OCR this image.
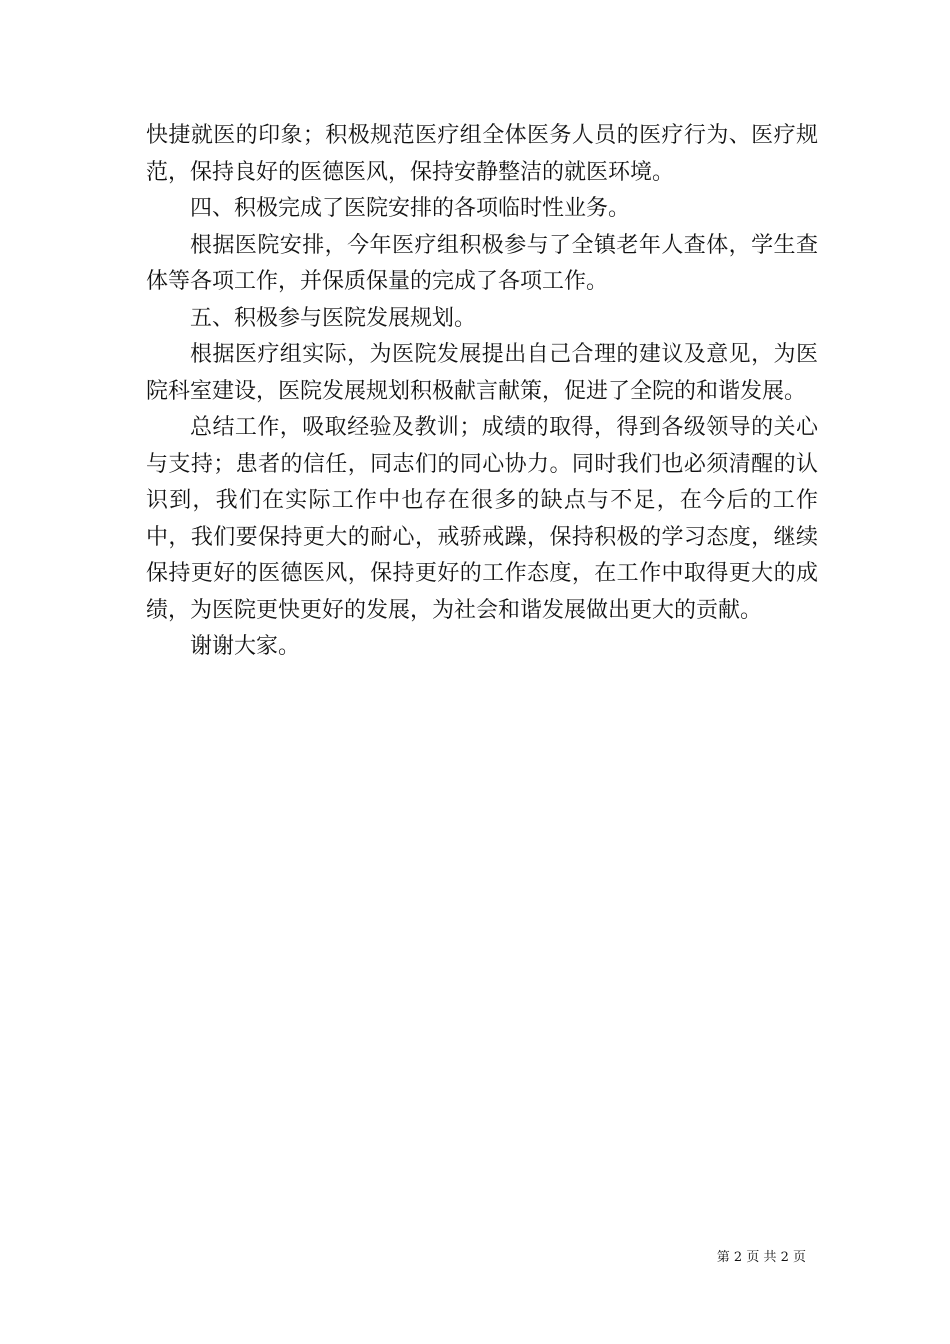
快捷就医的印象；积极规范医疗组全体医务人员的医疗行为、医疗规范，保持良好的医德医风，保持安静整洁的就医环境。

四、积极完成了医院安排的各项临时性业务。

根据医院安排，今年医疗组积极参与了全镇老年人查体，学生查体等各项工作，并保质保量的完成了各项工作。

五、积极参与医院发展规划。

根据医疗组实际，为医院发展提出自己合理的建议及意见，为医院科室建设，医院发展规划积极献言献策，促进了全院的和谐发展。

总结工作，吸取经验及教训；成绩的取得，得到各级领导的关心与支持；患者的信任，同志们的同心协力。同时我们也必须清醒的认识到，我们在实际工作中也存在很多的缺点与不足，在今后的工作中，我们要保持更大的耐心，戒骄戒躁，保持积极的学习态度，继续保持更好的医德医风，保持更好的工作态度，在工作中取得更大的成绩，为医院更快更好的发展，为社会和谐发展做出更大的贡献。

谢谢大家。

第 2 页 共 2 页
